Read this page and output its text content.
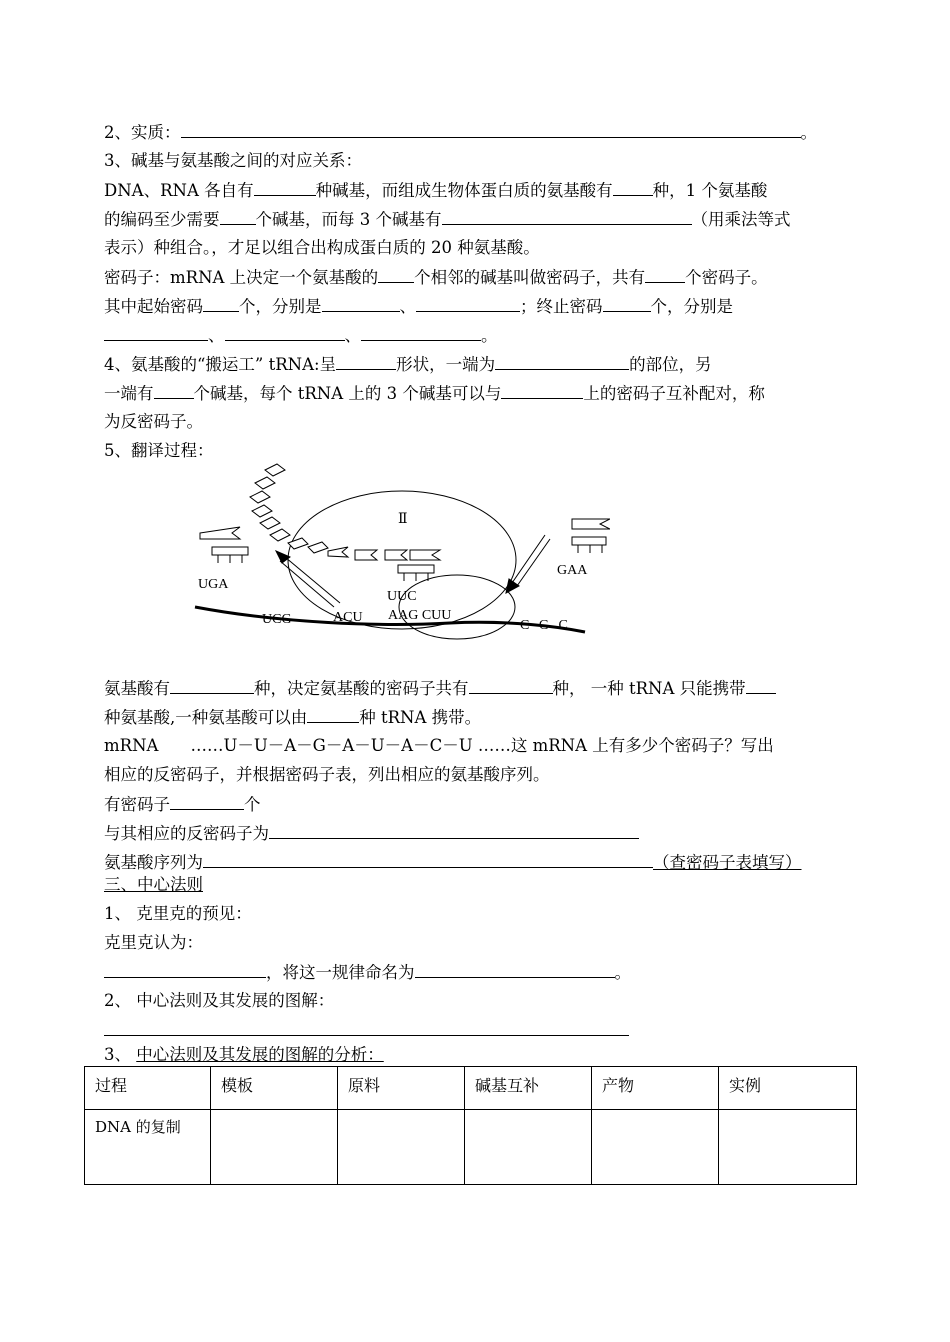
2、实质：	。
3、碱基与氨基酸之间的对应关系：
DNA、RNA 各自有	种碱基，而组成生物体蛋白质的氨基酸有 种，1 个氨基酸
的编码至少需要 个碱基，而每 3 个碱基有	（用乘法等式
表示）种组合。，才足以组合出构成蛋白质的 20 种氨基酸。
密码子：mRNA 上决定一个氨基酸的 个相邻的碱基叫做密码子，共有 个密码子。
其中起始密码 个，分别是	、	；终止密码	个，分别是
、	、	。
4、氨基酸的“搬运工” tRNA:呈	形状，一端为	的部位，另
一端有 个碱基，每个 tRNA 上的 3 个碱基可以与	上的密码子互补配对，称
为反密码子。
5、翻译过程：
Ⅱ
UGA
UUC
GAA
UCG	ACU AAG CUU
C G C
氨基酸有	种，决定氨基酸的密码子共有	种， 一种 tRNA 只能携带
种氨基酸,一种氨基酸可以由	种 tRNA 携带。
mRNA ……U－U－A－G－A－U－A－C－U ……这 mRNA 上有多少个密码子？写出
相应的反密码子，并根据密码子表，列出相应的氨基酸序列。
有密码子	个
与其相应的反密码子为
氨基酸序列为	（查密码子表填写）
三、中心法则
1、 克里克的预见：
克里克认为：
，将这一规律命名为	。
2、 中心法则及其发展的图解：
3、 中心法则及其发展的图解的分析：
过程	模板	原料	碱基互补	产物	实例
DNA 的复制					
